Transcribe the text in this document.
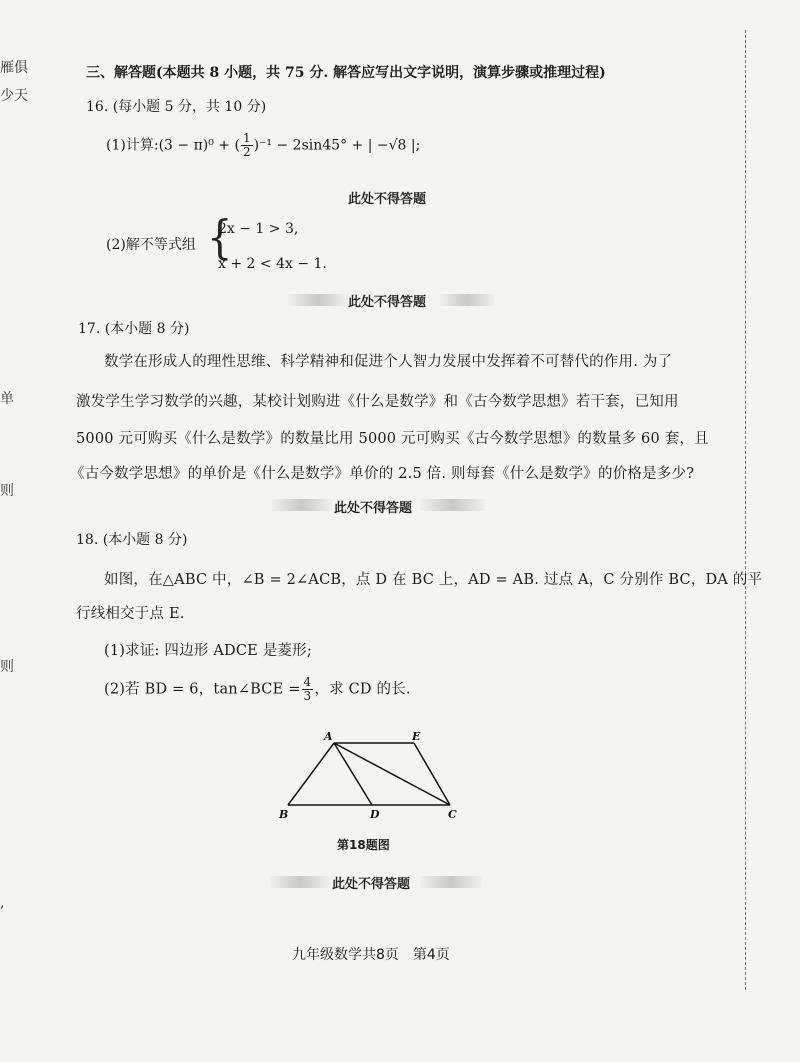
雁俱
少天
单
则
则
,
三、解答题(本题共 8 小题，共 75 分. 解答应写出文字说明，演算步骤或推理过程)
16. (每小题 5 分，共 10 分)
(1)计算:(3 − π)⁰ + ( $\frac{1}{2} )^{-1} - 2\sin 45^\circ$ + | −√8 |;
此处不得答题
(2)解不等式组 {
2x − 1 > 3,
x + 2 < 4x − 1.
此处不得答题
17. (本小题 8 分)
数学在形成人的理性思维、科学精神和促进个人智力发展中发挥着不可替代的作用. 为了
激发学生学习数学的兴趣，某校计划购进《什么是数学》和《古今数学思想》若干套，已知用
5000 元可购买《什么是数学》的数量比用 5000 元可购买《古今数学思想》的数量多 60 套，且
《古今数学思想》的单价是《什么是数学》单价的 2.5 倍. 则每套《什么是数学》的价格是多少?
此处不得答题
18. (本小题 8 分)
如图，在△ABC 中，∠B = 2∠ACB，点 D 在 BC 上，AD = AB. 过点 A，C 分别作 BC，DA 的平
行线相交于点 E.
(1)求证: 四边形 ADCE 是菱形;
(2)若 BD = 6，tan∠BCE = $\frac{4}{3}$ ，求 CD 的长.
A	E
B	D	C
第18题图
此处不得答题
九年级数学共8页　第4页
